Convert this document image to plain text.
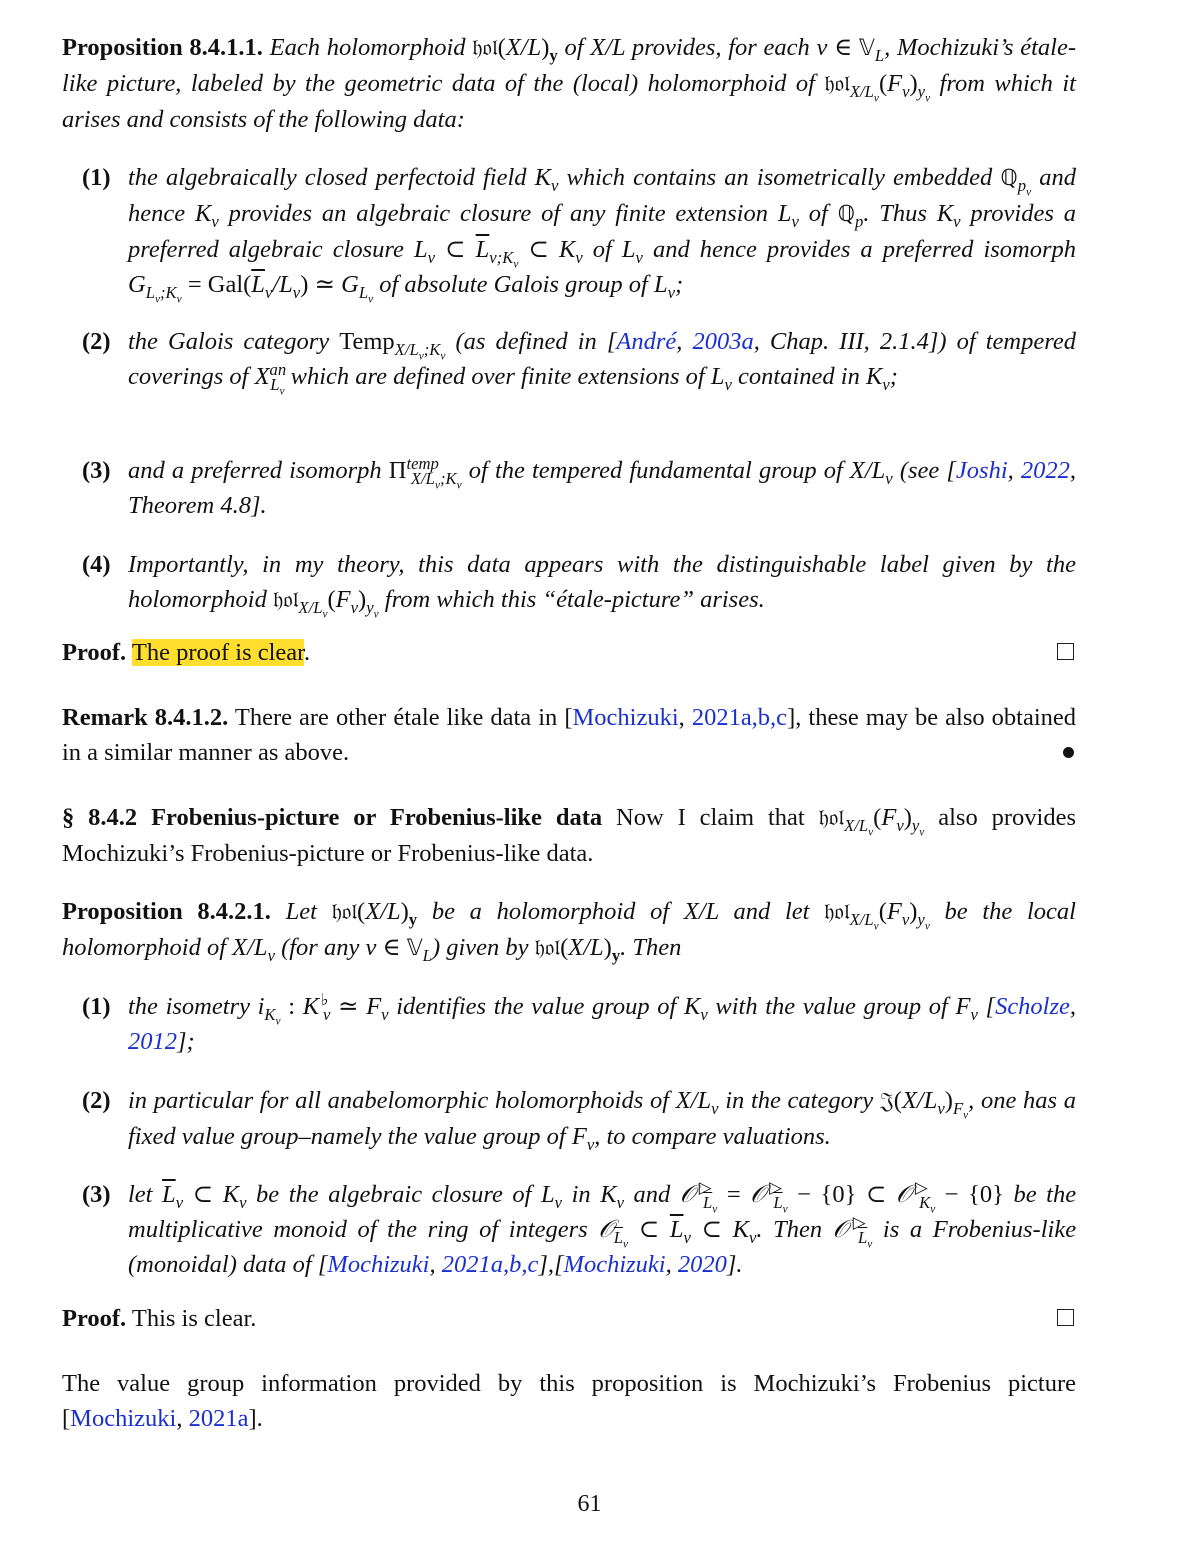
Proposition 8.4.1.1. Each holomorphoid $𝔥𝔬𝔩(X/L)_y$ of X/L provides, for each v ∈ 𝕍$_L$, Mochizuki’s étale-like picture, labeled by the geometric data of the (local) holomorphoid of $𝔥𝔬𝔩_{X/L_v}(F_v)_{y_v}$ from which it arises and consists of the following data:
(1) the algebraically closed perfectoid field $K_v$ which contains an isometrically embedded ℚ$_{p_v}$ and hence $K_v$ provides an algebraic closure of any finite extension $L_v$ of ℚ$_p$. Thus $K_v$ provides a preferred algebraic closure $L_v$ ⊂ $\overline{L}_{v;K_v}$ ⊂ $K_v$ of $L_v$ and hence provides a preferred isomorph $G_{L_v;K_v} = Gal(\overline{L}_v/L_v)$ ≃ $G_{L_v}$ of absolute Galois group of $L_v$;
(2) the Galois category Temp$_{X/L_v;K_v}$ (as defined in [André, 2003a, Chap. III, 2.1.4]) of tempered coverings of $X^{an}_{L_v}$ which are defined over finite extensions of $L_v$ contained in $K_v$;
(3) and a preferred isomorph $\Pi^{temp}_{X/L_v;K_v}$ of the tempered fundamental group of $X/L_v$ (see [Joshi, 2022, Theorem 4.8].
(4) Importantly, in my theory, this data appears with the distinguishable label given by the holomorphoid $𝔥𝔬𝔩_{X/L_v}(F_v)_{y_v}$ from which this “étale-picture” arises.
Proof. The proof is clear.
Remark 8.4.1.2. There are other étale like data in [Mochizuki, 2021a,b,c], these may be also obtained in a similar manner as above.
§ 8.4.2 Frobenius-picture or Frobenius-like data Now I claim that $𝔥𝔬𝔩_{X/L_v}(F_v)_{y_v}$ also provides Mochizuki’s Frobenius-picture or Frobenius-like data.
Proposition 8.4.2.1. Let $𝔥𝔬𝔩(X/L)_y$ be a holomorphoid of X/L and let $𝔥𝔬𝔩_{X/L_v}(F_v)_{y_v}$ be the local holomorphoid of $X/L_v$ (for any v ∈ 𝕍$_L$) given by $𝔥𝔬𝔩(X/L)_y$. Then
(1) the isometry $i_{K_v}$ : $K^♭_v$ ≃ $F_v$ identifies the value group of $K_v$ with the value group of $F_v$ [Scholze, 2012];
(2) in particular for all anabelomorphic holomorphoids of $X/L_v$ in the category $𝔍(X/L_v)_{F_v}$, one has a fixed value group–namely the value group of $F_v$, to compare valuations.
(3) let $\overline{L}_v$ ⊂ $K_v$ be the algebraic closure of $L_v$ in $K_v$ and 𝒪▷$_{\overline{L}_v}$ = 𝒪▷$_{\overline{L}_v}$ − {0} ⊂ 𝒪▷$_{K_v}$ − {0} be the multiplicative monoid of the ring of integers 𝒪$_{\overline{L}_v}$ ⊂ $\overline{L}_v$ ⊂ $K_v$. Then 𝒪▷$_{\overline{L}_v}$ is a Frobenius-like (monoidal) data of [Mochizuki, 2021a,b,c],[Mochizuki, 2020].
Proof. This is clear.
The value group information provided by this proposition is Mochizuki’s Frobenius picture [Mochizuki, 2021a].
61
